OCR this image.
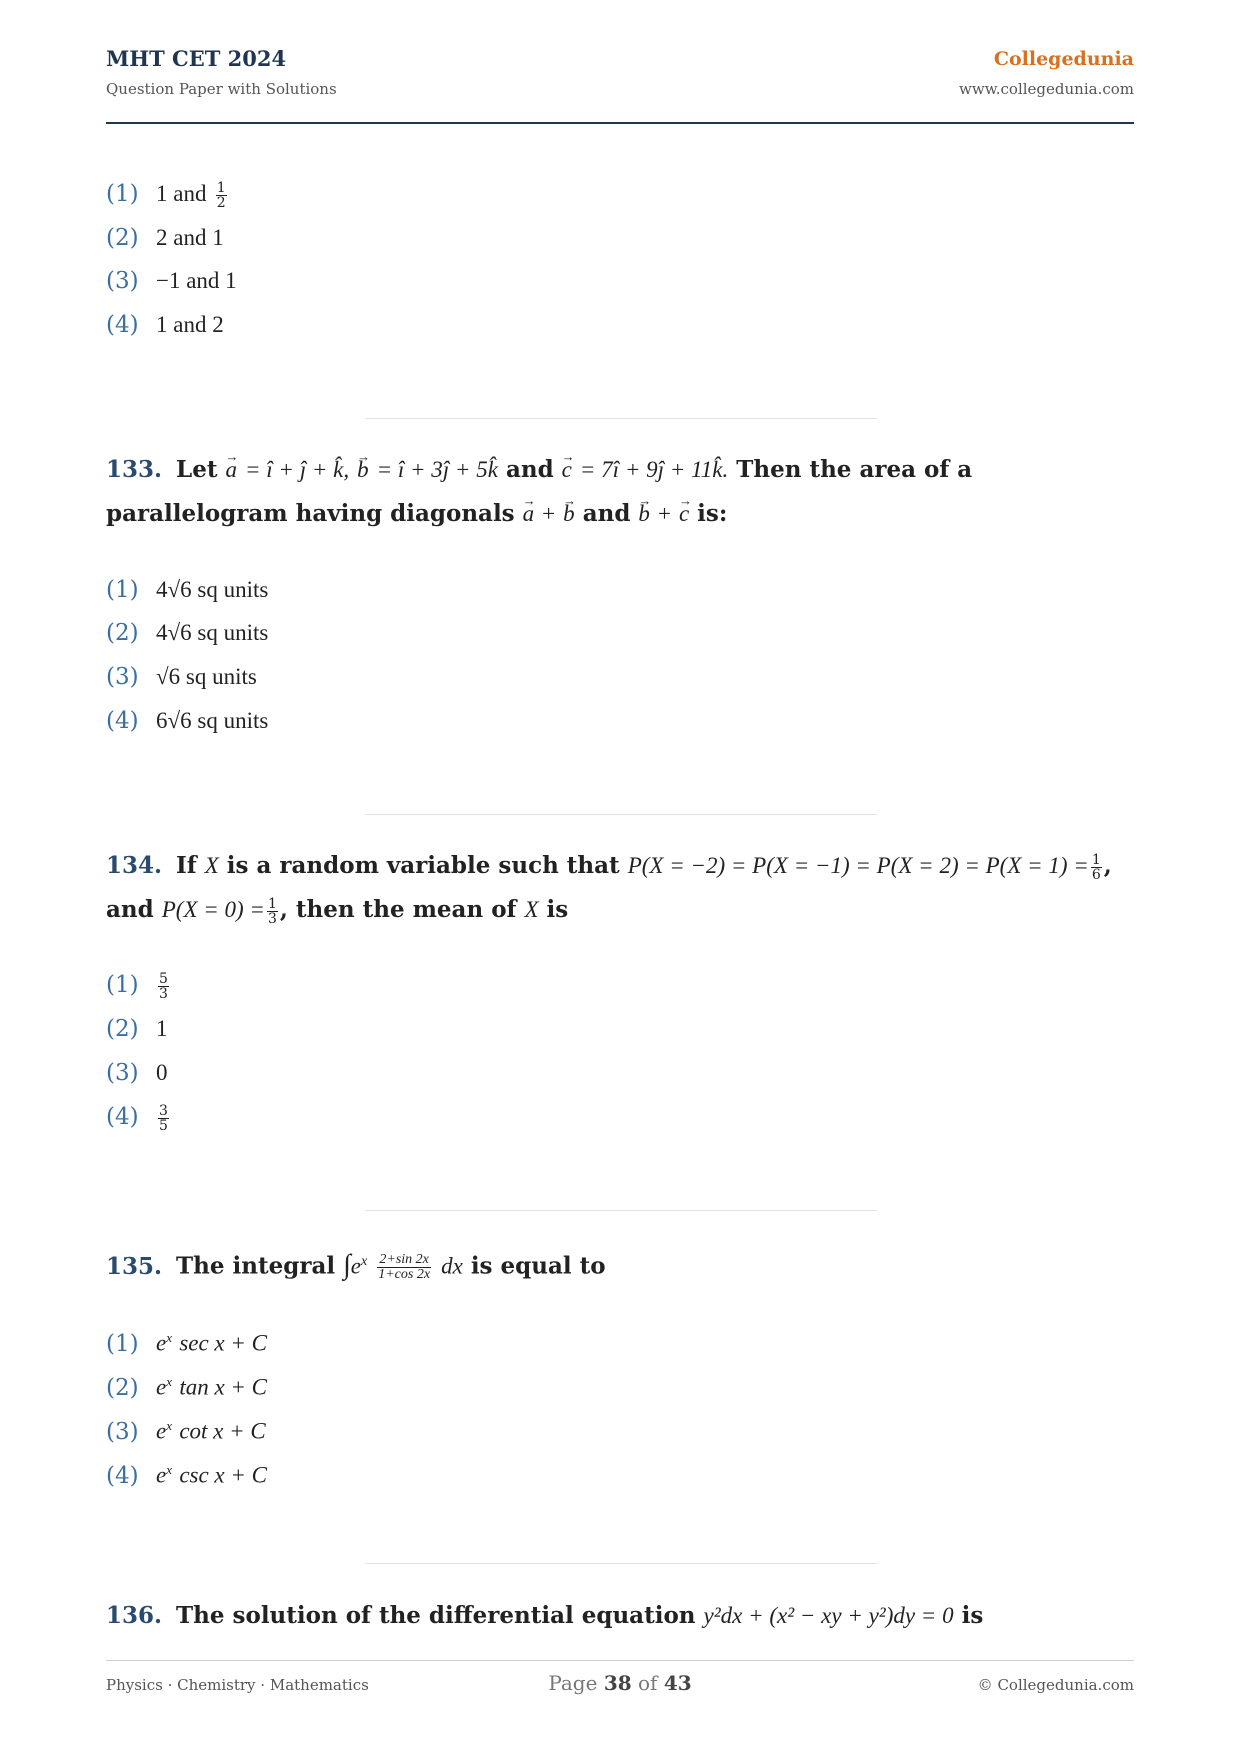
MHT CET 2024
Question Paper with Solutions
Collegedunia
www.collegedunia.com
(1) 1 and $\frac{1}{2}$
(2) 2 and 1
(3) −1 and 1
(4) 1 and 2
133. Let → a = î + ĵ + k̂, → b = î + 3ĵ + 5k̂ and → c = 7î + 9ĵ + 11k̂. Then the area of a parallelogram having diagonals → a + → b and → b + → c is:
(1) 4√6 sq units
(2) 4√6 sq units
(3) √6 sq units
(4) 6√6 sq units
134. If X is a random variable such that $P(X = -2) = P(X = -1) = P(X = 2) = P(X = 1) = \frac{1}{6}$ , and $P(X = 0) = \frac{1}{3}$ , then the mean of X is
$(1) \frac{5}{3}$
(2) 1
(3) 0
$(4) \frac{3}{5}$
135. The integral $\int e^x \frac{2+\sin 2x}{1+\cos 2x}$ dx is equal to
(1) $e^x$ sec x + C
(2) $e^x$ tan x + C
(3) $e^x$ cot x + C
(4) $e^x$ csc x + C
136. The solution of the differential equation y²dx + (x² − xy + y²)dy = 0 is
Physics · Chemistry · Mathematics	Page 38 of 43	© Collegedunia.com
